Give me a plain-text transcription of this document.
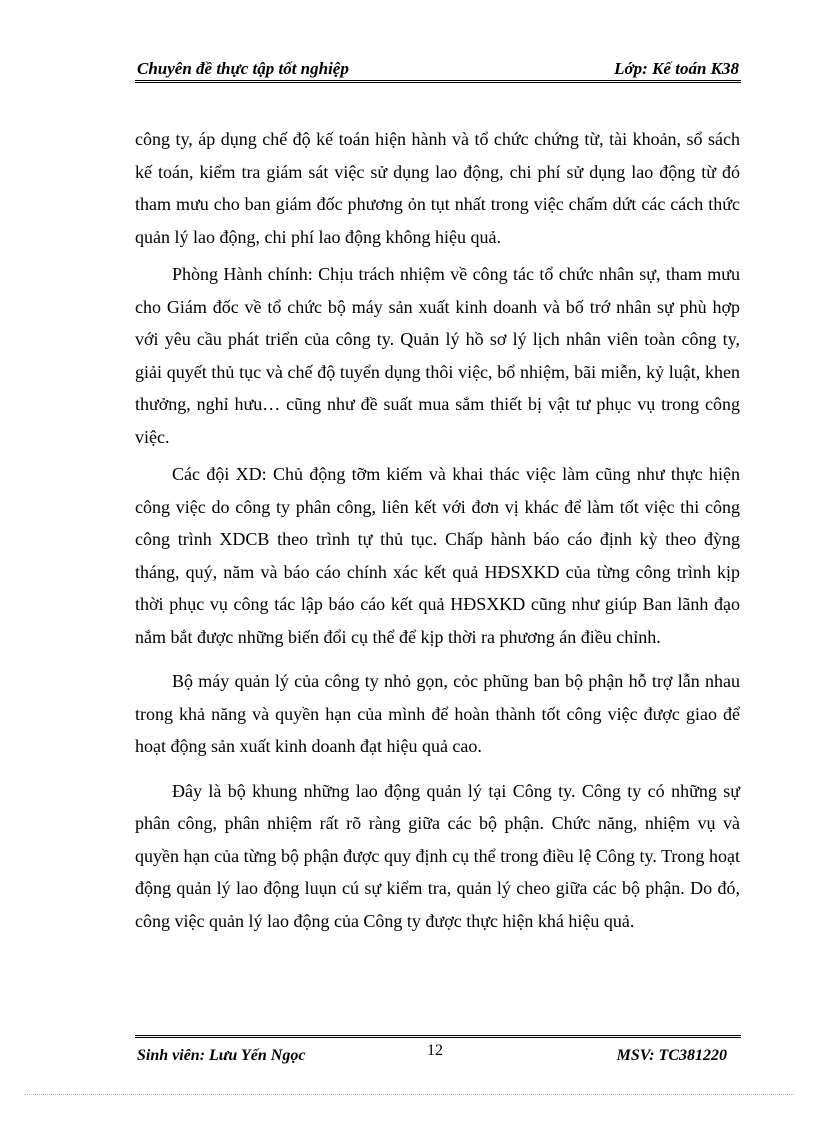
Chuyên đề thực tập tốt nghiệp	Lớp: Kế toán K38

công ty, áp dụng chế độ kế toán hiện hành và tổ chức chứng từ, tài khoản, sổ sách kế toán, kiểm tra giám sát việc sử dụng lao động, chi phí sử dụng lao động từ đó tham mưu cho ban giám đốc phương ỏn tụt nhất trong việc chấm dứt các cách thức quản lý lao động, chi phí lao động không hiệu quả.

Phòng Hành chính: Chịu trách nhiệm về công tác tổ chức nhân sự, tham mưu cho Giám đốc về tổ chức bộ máy sản xuất kinh doanh và bố trớ nhân sự phù hợp với yêu cầu phát triển của công ty. Quản lý hồ sơ lý lịch nhân viên toàn công ty, giải quyết thủ tục và chế độ tuyển dụng thôi việc, bổ nhiệm, bãi miễn, kỷ luật, khen thưởng, nghỉ hưu… cũng như đề suất mua sắm thiết bị vật tư phục vụ trong công việc.

Các đội XD: Chủ động tỡm kiếm và khai thác việc làm cũng như thực hiện công việc do công ty phân công, liên kết với đơn vị khác để làm tốt việc thi công công trình XDCB theo trình tự thủ tục. Chấp hành báo cáo định kỳ theo đỳng tháng, quý, năm và báo cáo chính xác kết quả HĐSXKD của từng công trình kịp thời phục vụ công tác lập báo cáo kết quả HĐSXKD cũng như giúp Ban lãnh đạo nắm bắt được những biến đổi cụ thể để kịp thời ra phương án điều chỉnh.

Bộ máy quản lý của công ty nhỏ gọn, cỏc phũng ban bộ phận hỗ trợ lẫn nhau trong khả năng và quyền hạn của mình để hoàn thành tốt công việc được giao để hoạt động sản xuất kinh doanh đạt hiệu quả cao.

Đây là bộ khung những lao động quản lý tại Công ty. Công ty có những sự phân công, phân nhiệm rất rõ ràng giữa các bộ phận. Chức năng, nhiệm vụ và quyền hạn của từng bộ phận được quy định cụ thể trong điều lệ Công ty. Trong hoạt động quản lý lao động luụn cú sự kiểm tra, quản lý cheo giữa các bộ phận. Do đó, công việc quản lý lao động của Công ty được thực hiện khá hiệu quả.

Sinh viên: Lưu Yến Ngọc	12	MSV: TC381220
